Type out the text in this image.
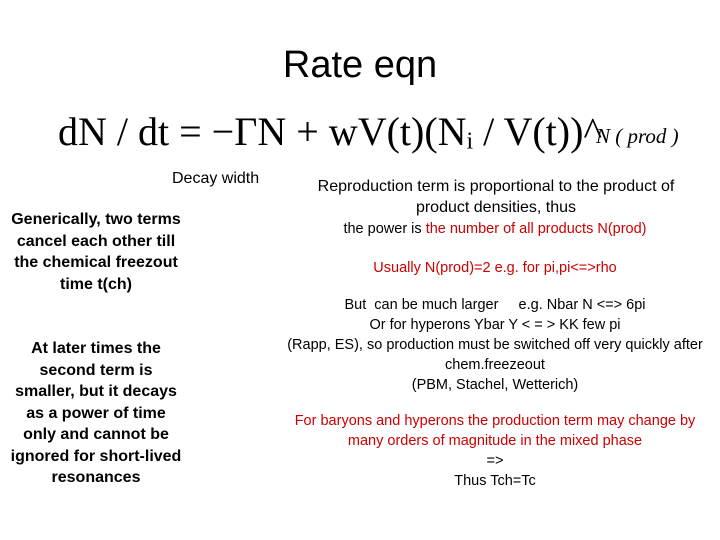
Rate eqn
dN / dt = −ΓN + wV(t)(Nᵢ / V(t))^
N ( prod )
Decay width
Generically, two terms cancel each other till the chemical freezout time t(ch)
At later times the second term is smaller, but it decays as a power of time only and cannot be ignored for short-lived resonances
Reproduction term is proportional to the product of product densities, thus
the power is the number of all products N(prod)
Usually N(prod)=2 e.g. for pi,pi<=>rho
But  can be much larger     e.g. Nbar N <=> 6pi
Or for hyperons Ybar Y < = > KK few pi
(Rapp, ES), so production must be switched off very quickly after chem.freezeout
(PBM, Stachel, Wetterich)
For baryons and hyperons the production term may change by many orders of magnitude in the mixed phase
=>
Thus Tch=Tc
